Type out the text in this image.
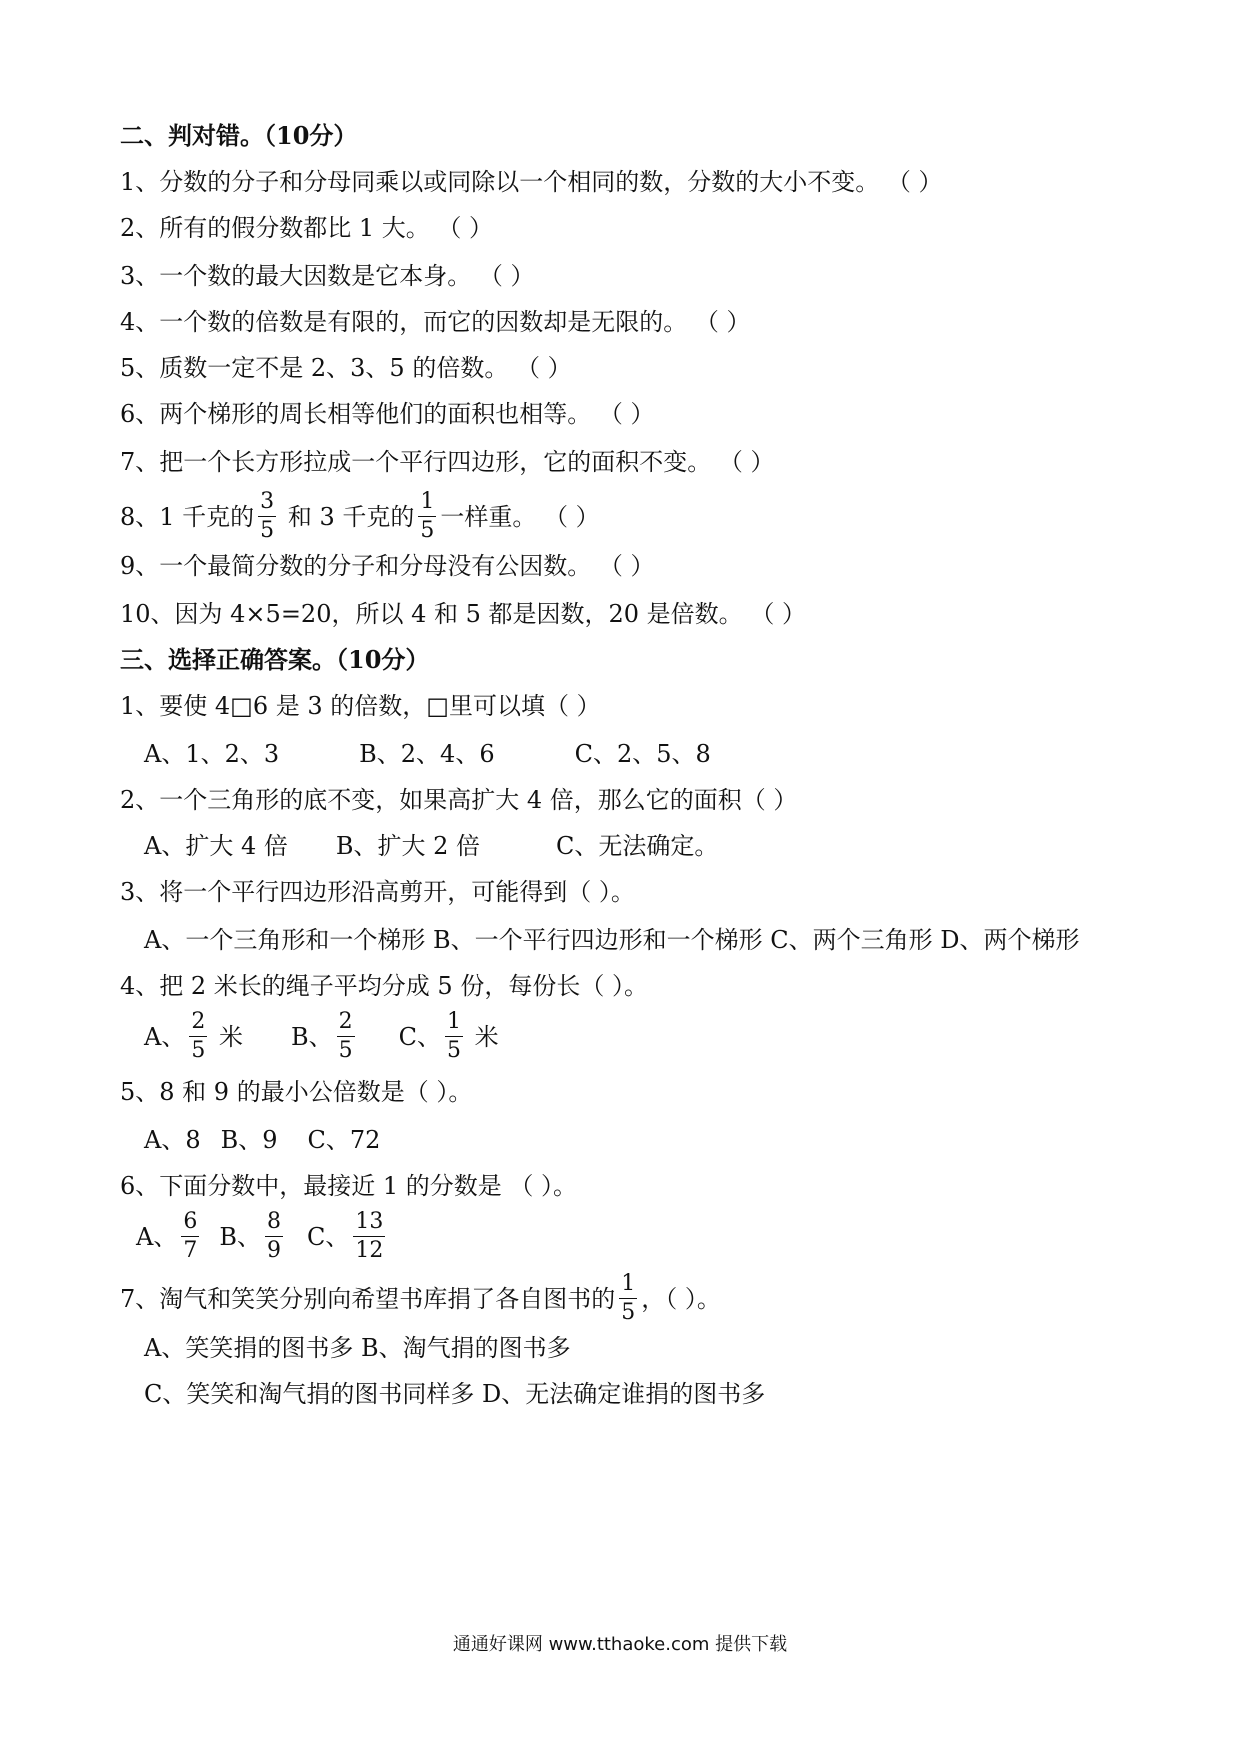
二、判对错。（10分）
1、分数的分子和分母同乘以或同除以一个相同的数，分数的大小不变。 （ ）
2、所有的假分数都比 1 大。 （ ）
3、一个数的最大因数是它本身。 （ ）
4、一个数的倍数是有限的，而它的因数却是无限的。 （ ）
5、质数一定不是 2、3、5 的倍数。 （ ）
6、两个梯形的周长相等他们的面积也相等。 （ ）
7、把一个长方形拉成一个平行四边形，它的面积不变。 （ ）
8、1 千克的 $\frac{3}{5}$ 和 3 千克的 $\frac{1}{5}$ 一样重。 （ ）
9、一个最简分数的分子和分母没有公因数。 （ ）
10、因为 4×5=20，所以 4 和 5 都是因数，20 是倍数。 （ ）
三、选择正确答案。（10分）
1、要使 4□6 是 3 的倍数，□里可以填（ ）
A、1、2、3	B、2、4、6	C、2、5、8
2、一个三角形的底不变，如果高扩大 4 倍，那么它的面积（ ）
A、扩大 4 倍 B、扩大 2 倍	C、无法确定。
3、将一个平行四边形沿高剪开，可能得到（ ）。
A、一个三角形和一个梯形 B、一个平行四边形和一个梯形 C、两个三角形 D、两个梯形
4、把 2 米长的绳子平均分成 5 份，每份长（ ）。
A、 $\frac{2}{5}$ 米 B、 $\frac{2}{5}$ C、 $\frac{1}{5}$ 米
5、8 和 9 的最小公倍数是（ ）。
A、8 B、9 C、72
6、下面分数中，最接近 1 的分数是 （ ）。
A、 $\frac{6}{7}$ B、 $\frac{8}{9}$ C、 $\frac{13}{12}$
7、淘气和笑笑分别向希望书库捐了各自图书的 $\frac{1}{5}$ ，（ ）。
A、笑笑捐的图书多 B、淘气捐的图书多
C、笑笑和淘气捐的图书同样多 D、无法确定谁捐的图书多
通通好课网 www.tthaoke.com 提供下载
